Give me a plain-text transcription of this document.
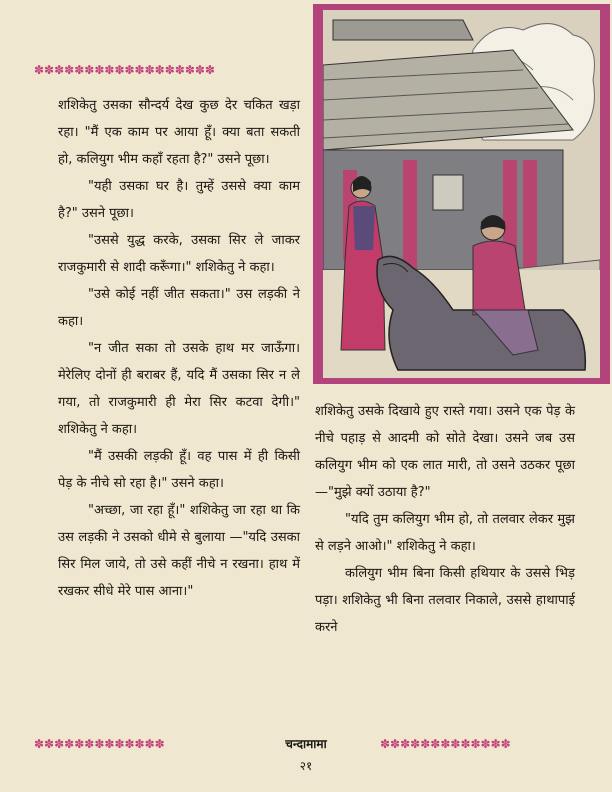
✽✽✽✽✽✽✽✽✽✽✽✽✽✽✽✽✽✽

शशिकेतु उसका सौन्दर्य देख कुछ देर चकित खड़ा रहा। "मैं एक काम पर आया हूँ। क्या बता सकती हो, कलियुग भीम कहाँ रहता है?" उसने पूछा।

"यही उसका घर है। तुम्हें उससे क्या काम है?" उसने पूछा।

"उससे युद्ध करके, उसका सिर ले जाकर राजकुमारी से शादी करूँगा।" शशिकेतु ने कहा।

"उसे कोई नहीं जीत सकता।" उस लड़की ने कहा।

"न जीत सका तो उसके हाथ मर जाऊँगा। मेरेलिए दोनों ही बराबर हैं, यदि मैं उसका सिर न ले गया, तो राजकुमारी ही मेरा सिर कटवा देगी।" शशिकेतु ने कहा।

"मैं उसकी लड़की हूँ। वह पास में ही किसी पेड़ के नीचे सो रहा है।" उसने कहा।

"अच्छा, जा रहा हूँ।" शशिकेतु जा रहा था कि उस लड़की ने उसको धीमे से बुलाया —"यदि उसका सिर मिल जाये, तो उसे कहीं नीचे न रखना। हाथ में रखकर सीधे मेरे पास आना।"

शशिकेतु उसके दिखाये हुए रास्ते गया। उसने एक पेड़ के नीचे पहाड़ से आदमी को सोते देखा। उसने जब उस कलियुग भीम को एक लात मारी, तो उसने उठकर पूछा—"मुझे क्यों उठाया है?"

"यदि तुम कलियुग भीम हो, तो तलवार लेकर मुझ से लड़ने आओ।" शशिकेतु ने कहा।

कलियुग भीम बिना किसी हथियार के उससे भिड़ पड़ा। शशिकेतु भी बिना तलवार निकाले, उससे हाथापाई करने

✽✽✽✽✽✽✽✽✽✽✽✽✽	चन्दामामा	✽✽✽✽✽✽✽✽✽✽✽✽✽
२१
